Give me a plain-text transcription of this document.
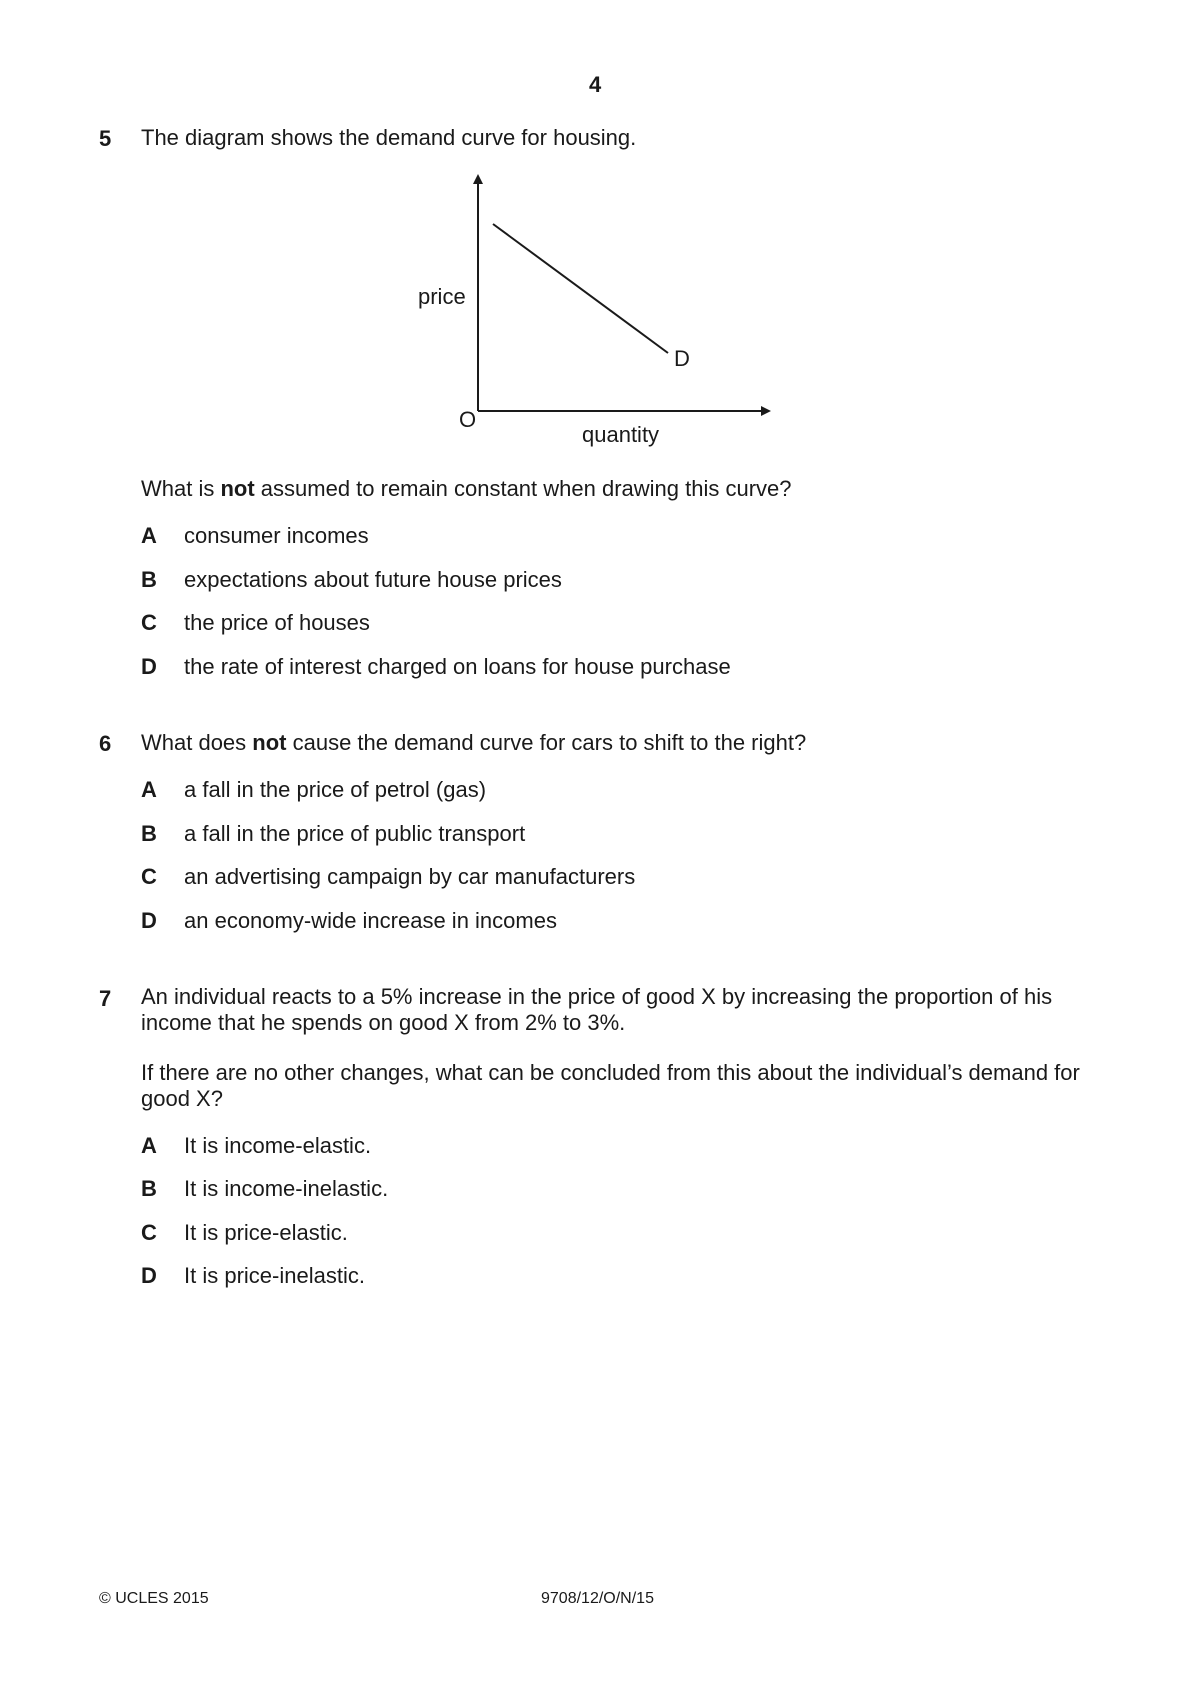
4

5 The diagram shows the demand curve for housing.

price
quantity
O
D

What is not assumed to remain constant when drawing this curve?

A consumer incomes

B expectations about future house prices

C the price of houses

D the rate of interest charged on loans for house purchase

6 What does not cause the demand curve for cars to shift to the right?

A a fall in the price of petrol (gas)

B a fall in the price of public transport

C an advertising campaign by car manufacturers

D an economy-wide increase in incomes

7 An individual reacts to a 5% increase in the price of good X by increasing the proportion of his

income that he spends on good X from 2% to 3%.

If there are no other changes, what can be concluded from this about the individual’s demand for

good X?

A It is income-elastic.

B It is income-inelastic.

C It is price-elastic.

D It is price-inelastic.

© UCLES 2015	9708/12/O/N/15
